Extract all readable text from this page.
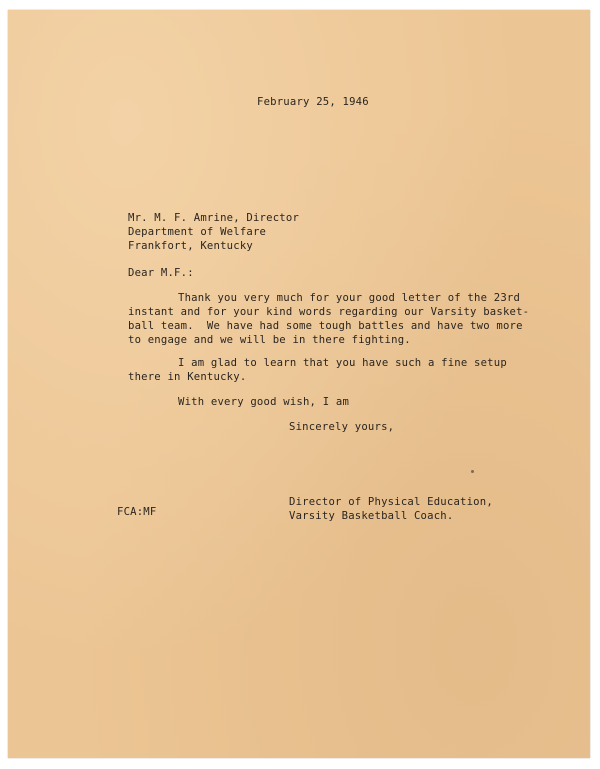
February 25, 1946

Mr. M. F. Amrine, Director

Department of Welfare

Frankfort, Kentucky

Dear M.F.:

Thank you very much for your good letter of the 23rd

instant and for your kind words regarding our Varsity basket-

ball team.  We have had some tough battles and have two more

to engage and we will be in there fighting.

I am glad to learn that you have such a fine setup

there in Kentucky.

With every good wish, I am

Sincerely yours,

Director of Physical Education,

Varsity Basketball Coach.

FCA:MF
